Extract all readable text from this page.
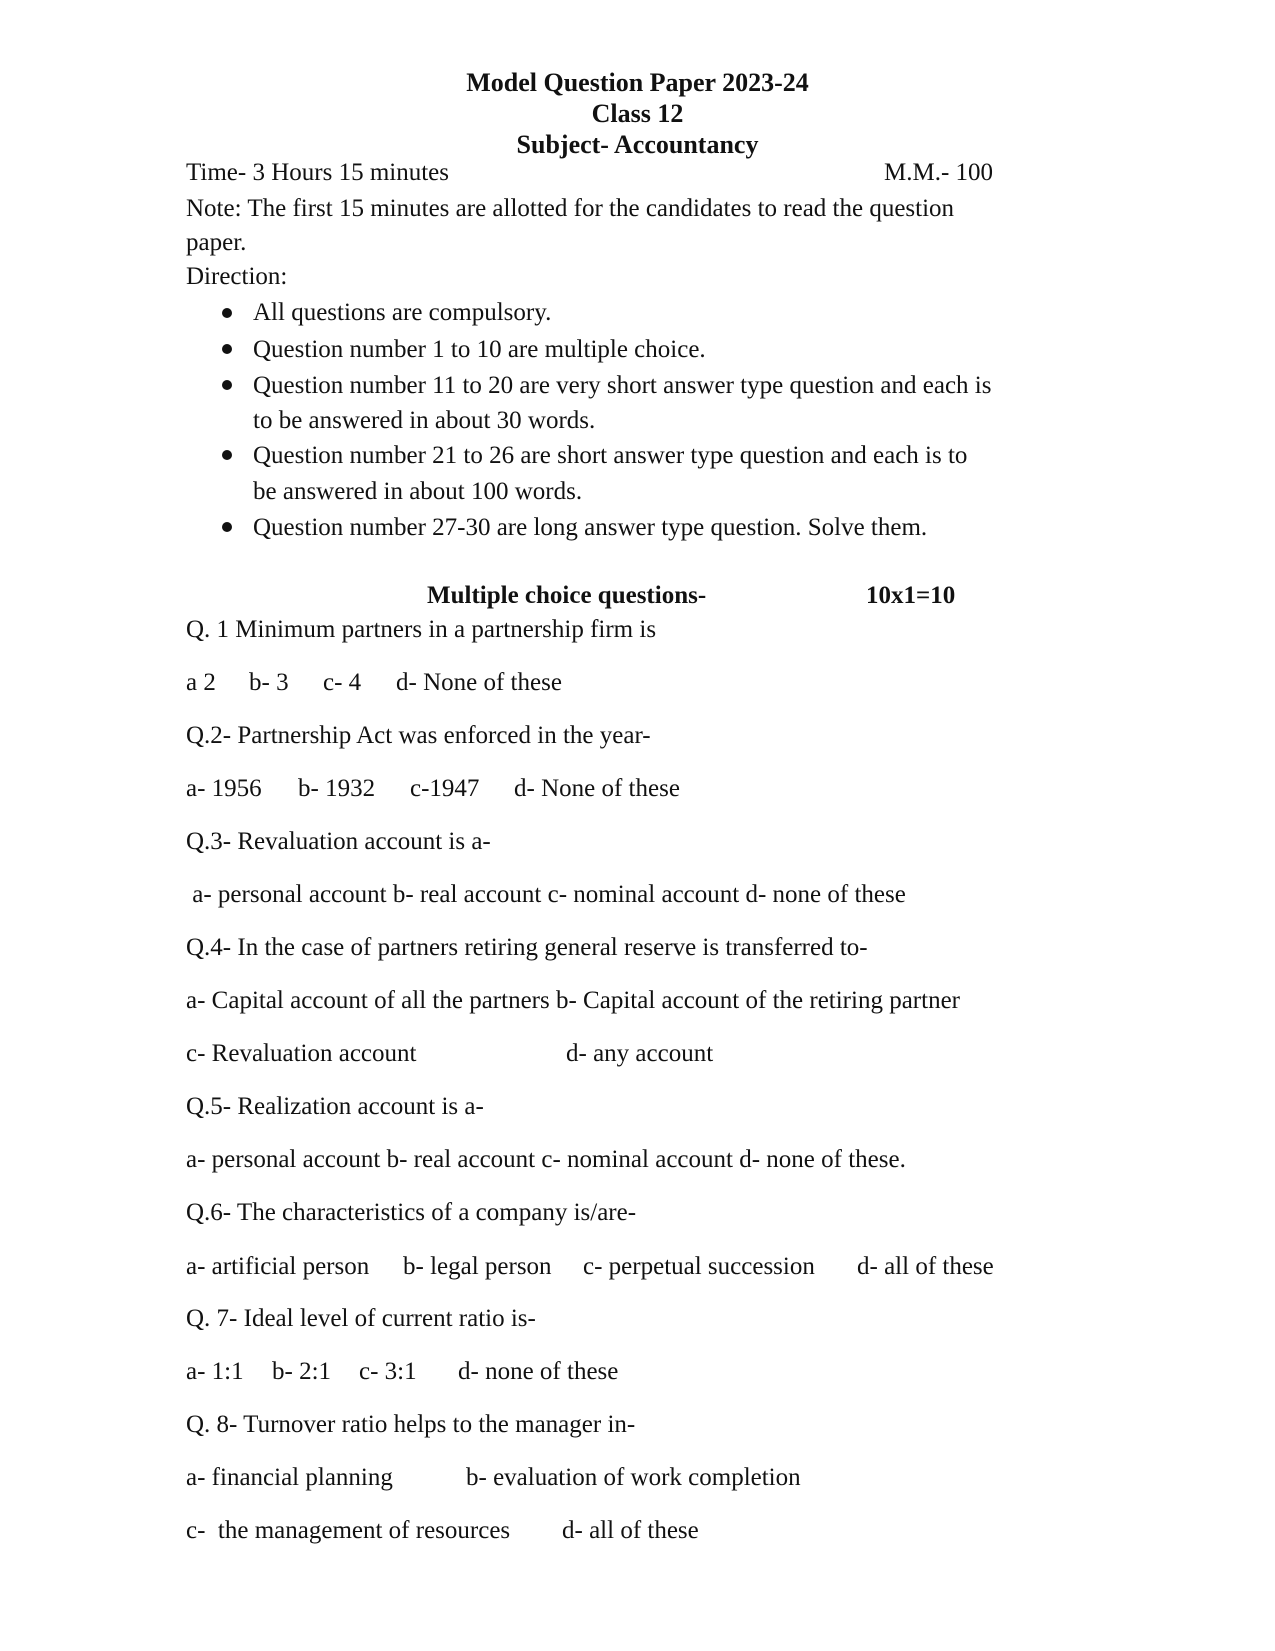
Model Question Paper 2023-24
Class 12
Subject- Accountancy
Time- 3 Hours 15 minutes	M.M.- 100
Note: The first 15 minutes are allotted for the candidates to read the question
paper.
Direction:
All questions are compulsory.
Question number 1 to 10 are multiple choice.
Question number 11 to 20 are very short answer type question and each is
to be answered in about 30 words.
Question number 21 to 26 are short answer type question and each is to
be answered in about 100 words.
Question number 27-30 are long answer type question. Solve them.
Multiple choice questions-	10x1=10
Q. 1 Minimum partners in a partnership firm is
a 2 b- 3 c- 4 d- None of these
Q.2- Partnership Act was enforced in the year-
a- 1956 b- 1932 c-1947 d- None of these
Q.3- Revaluation account is a-
a- personal account b- real account c- nominal account d- none of these
Q.4- In the case of partners retiring general reserve is transferred to-
a- Capital account of all the partners b- Capital account of the retiring partner
c- Revaluation account	d- any account
Q.5- Realization account is a-
a- personal account b- real account c- nominal account d- none of these.
Q.6- The characteristics of a company is/are-
a- artificial person b- legal person c- perpetual succession d- all of these
Q. 7- Ideal level of current ratio is-
a- 1:1 b- 2:1 c- 3:1 d- none of these
Q. 8- Turnover ratio helps to the manager in-
a- financial planning	b- evaluation of work completion
c-  the management of resources d- all of these
